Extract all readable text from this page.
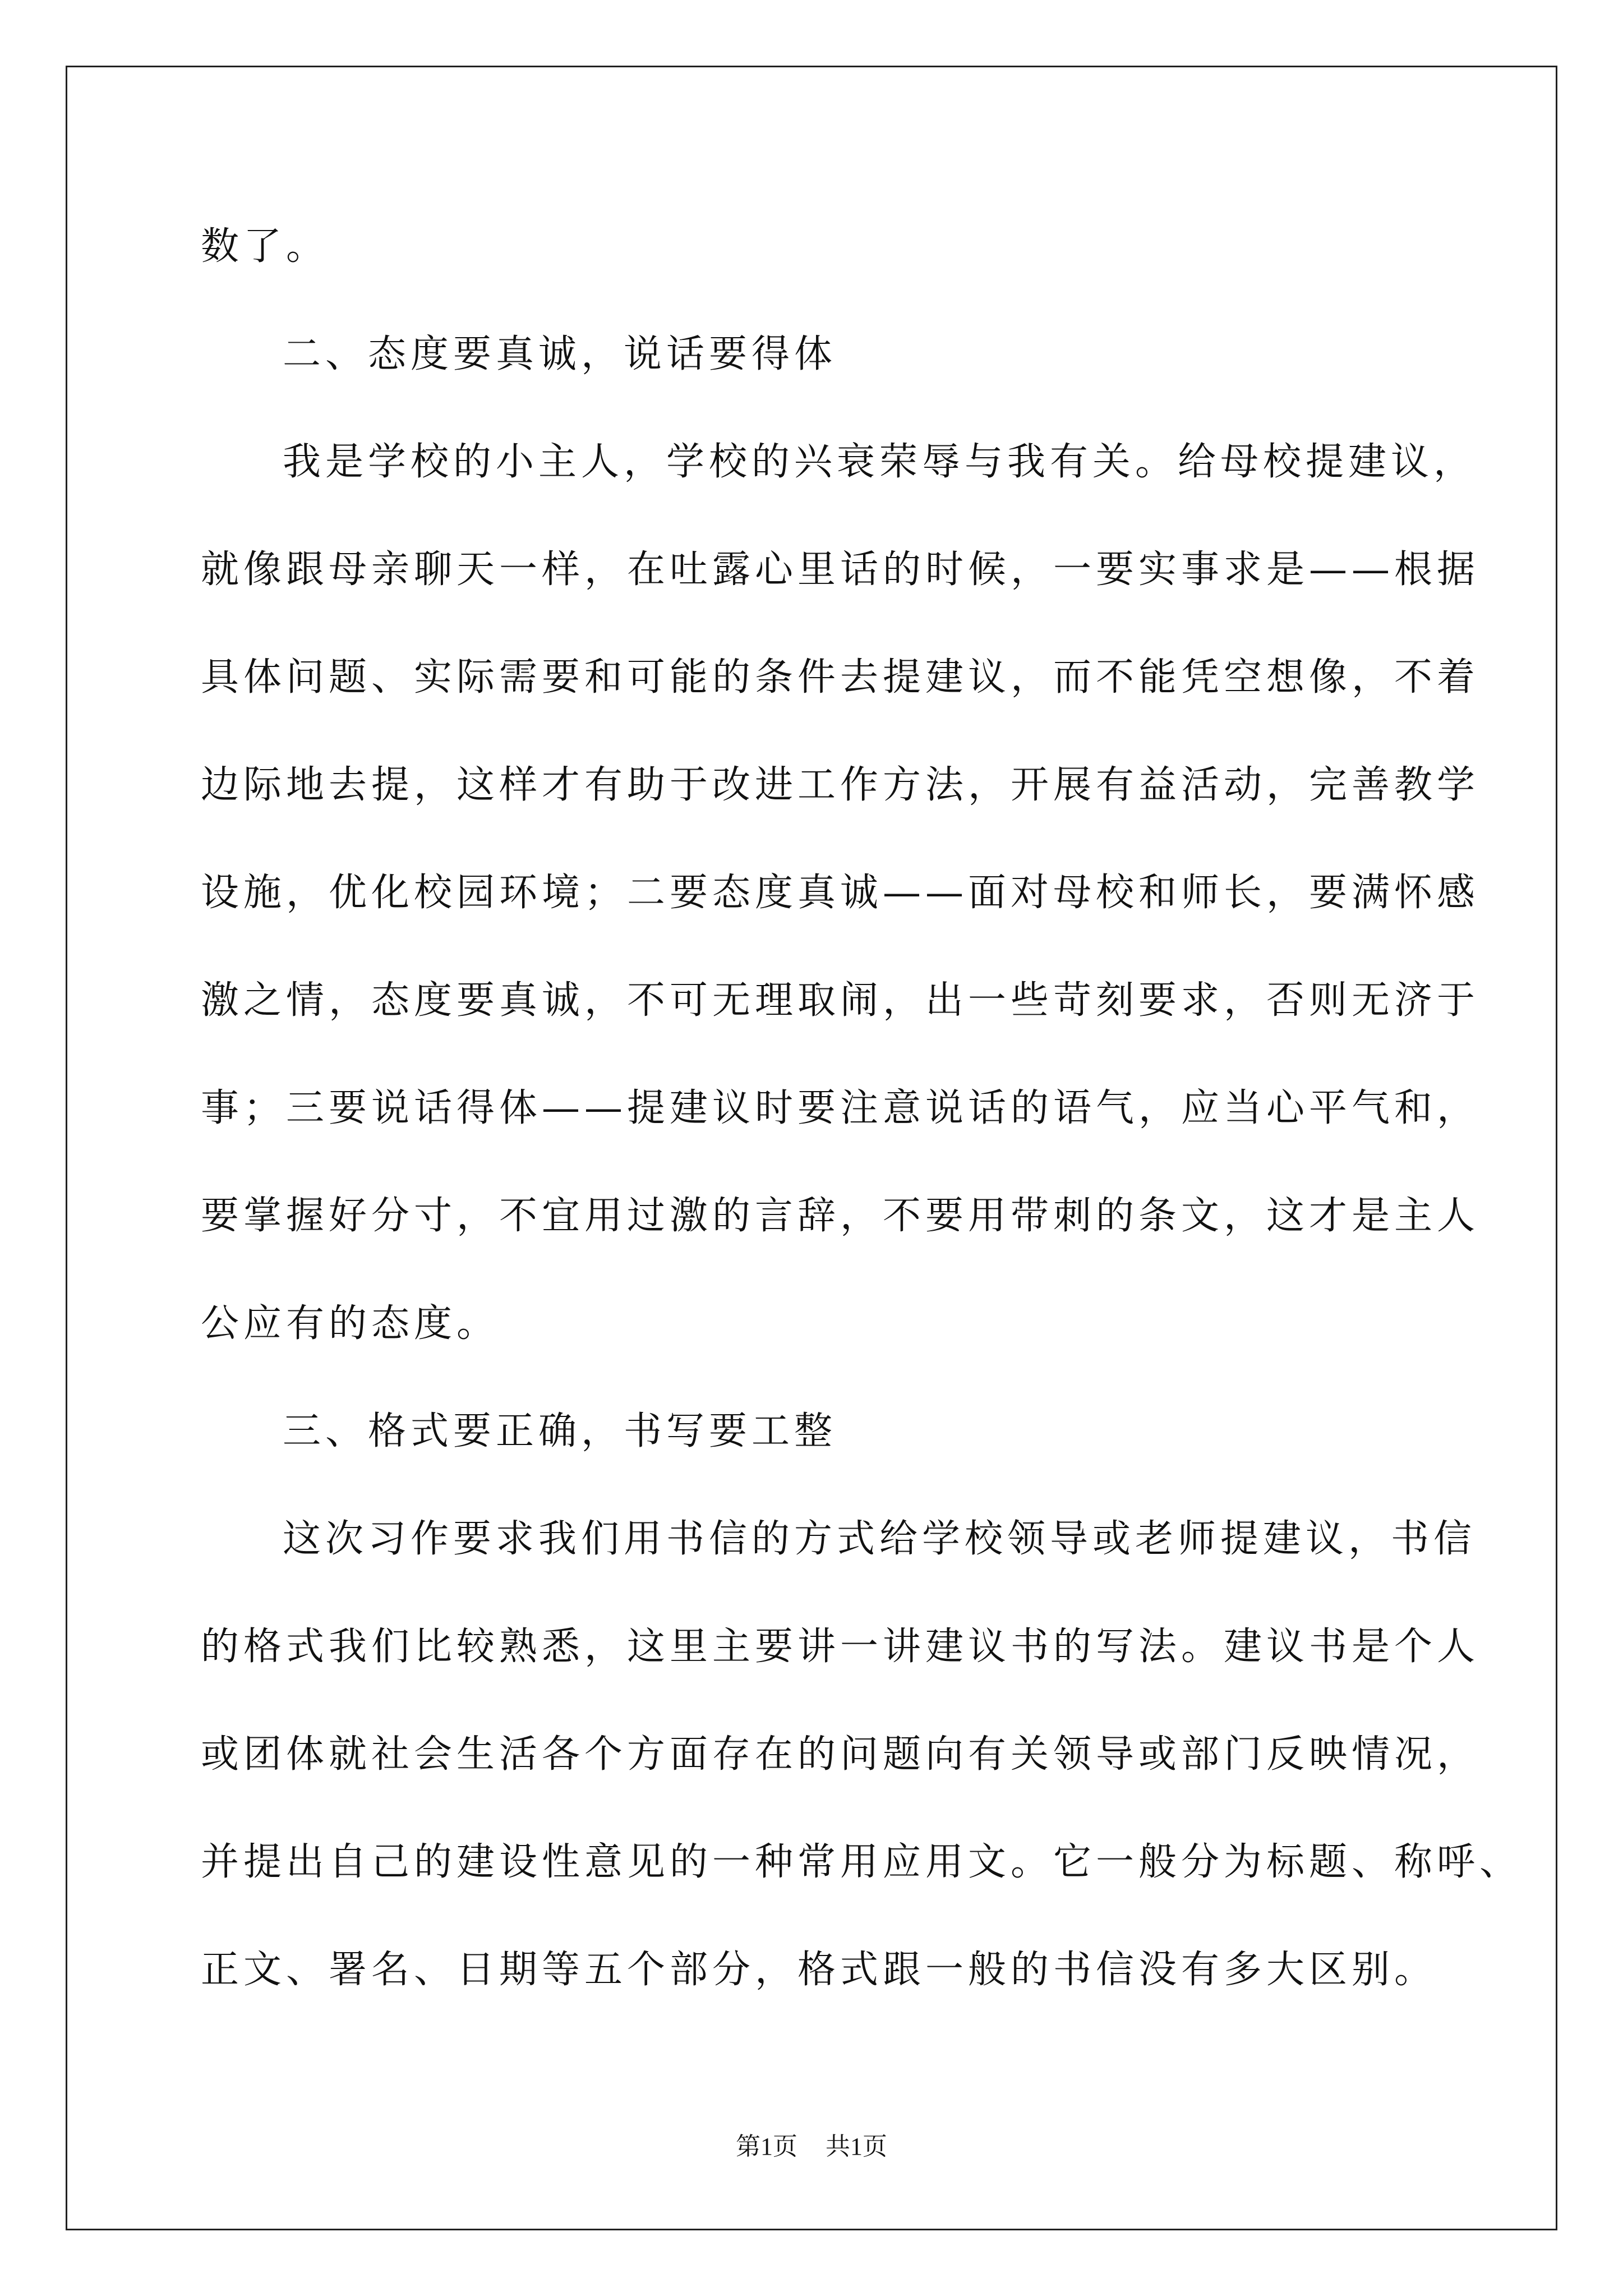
数了。
二、态度要真诚，说话要得体
我是学校的小主人，学校的兴衰荣辱与我有关。给母校提建议，
就像跟母亲聊天一样，在吐露心里话的时候，一要实事求是——根据
具体问题、实际需要和可能的条件去提建议，而不能凭空想像，不着
边际地去提，这样才有助于改进工作方法，开展有益活动，完善教学
设施，优化校园环境；二要态度真诚——面对母校和师长，要满怀感
激之情，态度要真诚，不可无理取闹，出一些苛刻要求，否则无济于
事；三要说话得体——提建议时要注意说话的语气，应当心平气和，
要掌握好分寸，不宜用过激的言辞，不要用带刺的条文，这才是主人
公应有的态度。
三、格式要正确，书写要工整
这次习作要求我们用书信的方式给学校领导或老师提建议，书信
的格式我们比较熟悉，这里主要讲一讲建议书的写法。建议书是个人
或团体就社会生活各个方面存在的问题向有关领导或部门反映情况，
并提出自己的建设性意见的一种常用应用文。它一般分为标题、称呼、
正文、署名、日期等五个部分，格式跟一般的书信没有多大区别。
第1页 共1页
